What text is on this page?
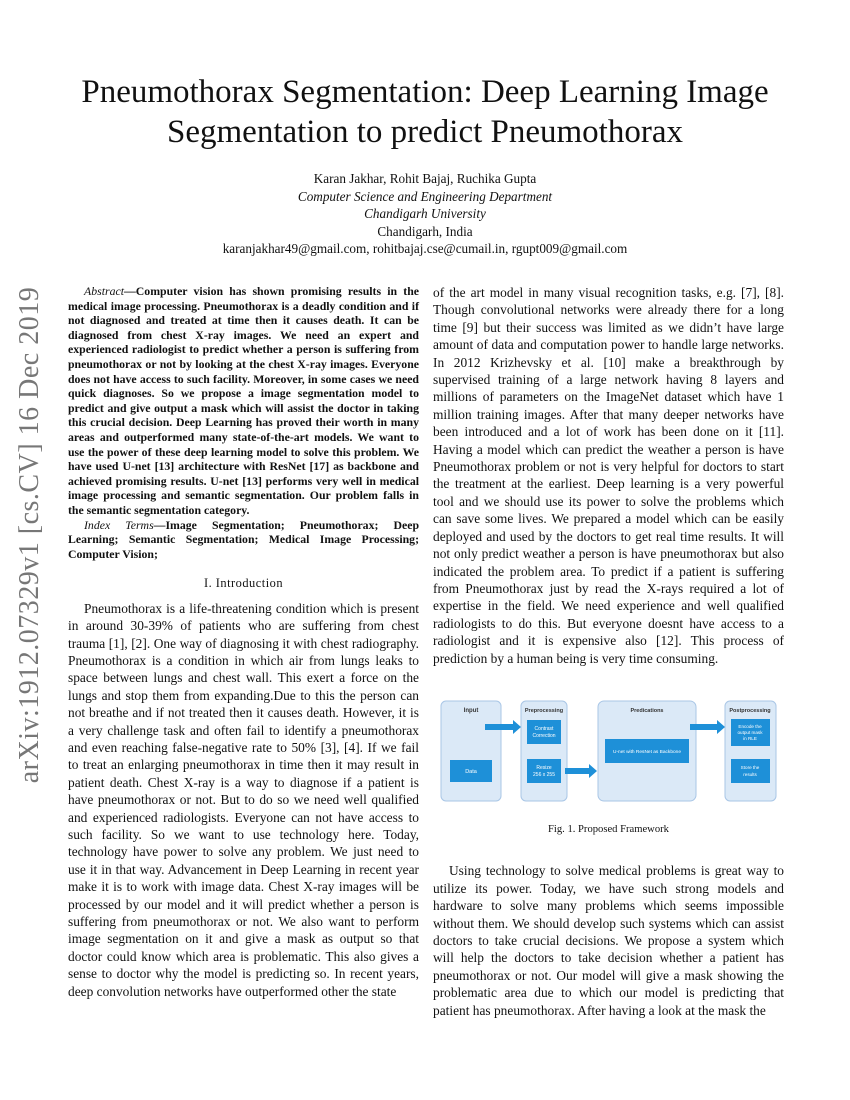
arXiv:1912.07329v1 [cs.CV] 16 Dec 2019
Pneumothorax Segmentation: Deep Learning Image Segmentation to predict Pneumothorax
Karan Jakhar, Rohit Bajaj, Ruchika Gupta
Computer Science and Engineering Department
Chandigarh University
Chandigarh, India
karanjakhar49@gmail.com, rohitbajaj.cse@cumail.in, rgupt009@gmail.com

Abstract—Computer vision has shown promising results in the medical image processing. Pneumothorax is a deadly condition and if not diagnosed and treated at time then it causes death. It can be diagnosed from chest X-ray images. We need an expert and experienced radiologist to predict whether a person is suffering from pneumothorax or not by looking at the chest X-ray images. Everyone does not have access to such facility. Moreover, in some cases we need quick diagnoses. So we propose a image segmentation model to predict and give output a mask which will assist the doctor in taking this crucial decision. Deep Learning has proved their worth in many areas and outperformed many state-of-the-art models. We want to use the power of these deep learning model to solve this problem. We have used U-net [13] architecture with ResNet [17] as backbone and achieved promising results. U-net [13] performs very well in medical image processing and semantic segmentation. Our problem falls in the semantic segmentation category.

Index Terms—Image Segmentation; Pneumothorax; Deep Learning; Semantic Segmentation; Medical Image Processing; Computer Vision;

I. Introduction

Pneumothorax is a life-threatening condition which is present in around 30-39% of patients who are suffering from chest trauma [1], [2]. One way of diagnosing it with chest radiography. Pneumothorax is a condition in which air from lungs leaks to space between lungs and chest wall. This exert a force on the lungs and stop them from expanding.Due to this the person can not breathe and if not treated then it causes death. However, it is a very challenge task and often fail to identify a pneumothorax and even reaching false-negative rate to 50% [3], [4]. If we fail to treat an enlarging pneumothorax in time then it may result in patient death. Chest X-ray is a way to diagnose if a patient is have pneumothorax or not. But to do so we need well qualified and experienced radiologists. Everyone can not have access to such facility. So we want to use technology here. Today, technology have power to solve any problem. We just need to use it in that way. Advancement in Deep Learning in recent year make it is to work with image data. Chest X-ray images will be processed by our model and it will predict whether a person is suffering from pneumothorax or not. We also want to perform image segmentation on it and give a mask as output so that doctor could know which area is problematic. This also gives a sense to doctor why the model is predicting so. In recent years, deep convolution networks have outperformed other the state

of the art model in many visual recognition tasks, e.g. [7], [8]. Though convolutional networks were already there for a long time [9] but their success was limited as we didn’t have large amount of data and computation power to handle large networks. In 2012 Krizhevsky et al. [10] make a breakthrough by supervised training of a large network having 8 layers and millions of parameters on the ImageNet dataset which have 1 million training images. After that many deeper networks have been introduced and a lot of work has been done on it [11]. Having a model which can predict the weather a person is have Pneumothorax problem or not is very helpful for doctors to start the treatment at the earliest. Deep learning is a very powerful tool and we should use its power to solve the problems which can save some lives. We prepared a model which can be easily deployed and used by the doctors to get real time results. It will not only predict weather a person is have pneumothorax but also indicated the problem area. To predict if a patient is suffering from Pneumothorax just by read the X-rays required a lot of expertise in the field. We need experience and well qualified radiologists to do this. But everyone doesnt have access to a radiologist and it is expensive also [12]. This process of prediction by a human being is very time consuming.

Input
Data
Preprocessing
Contrast
Correction
Resize
256 x 255
Predications
U-net with ResNet as Backbone
Postprocessing
Encode the
output mask
in RLE
Store the
results

Fig. 1. Proposed Framework

Using technology to solve medical problems is great way to utilize its power. Today, we have such strong models and hardware to solve many problems which seems impossible without them. We should develop such systems which can assist doctors to take crucial decisions. We propose a system which will help the doctors to take decision whether a patient has pneumothorax or not. Our model will give a mask showing the problematic area due to which our model is predicting that patient has pneumothorax. After having a look at the mask the
